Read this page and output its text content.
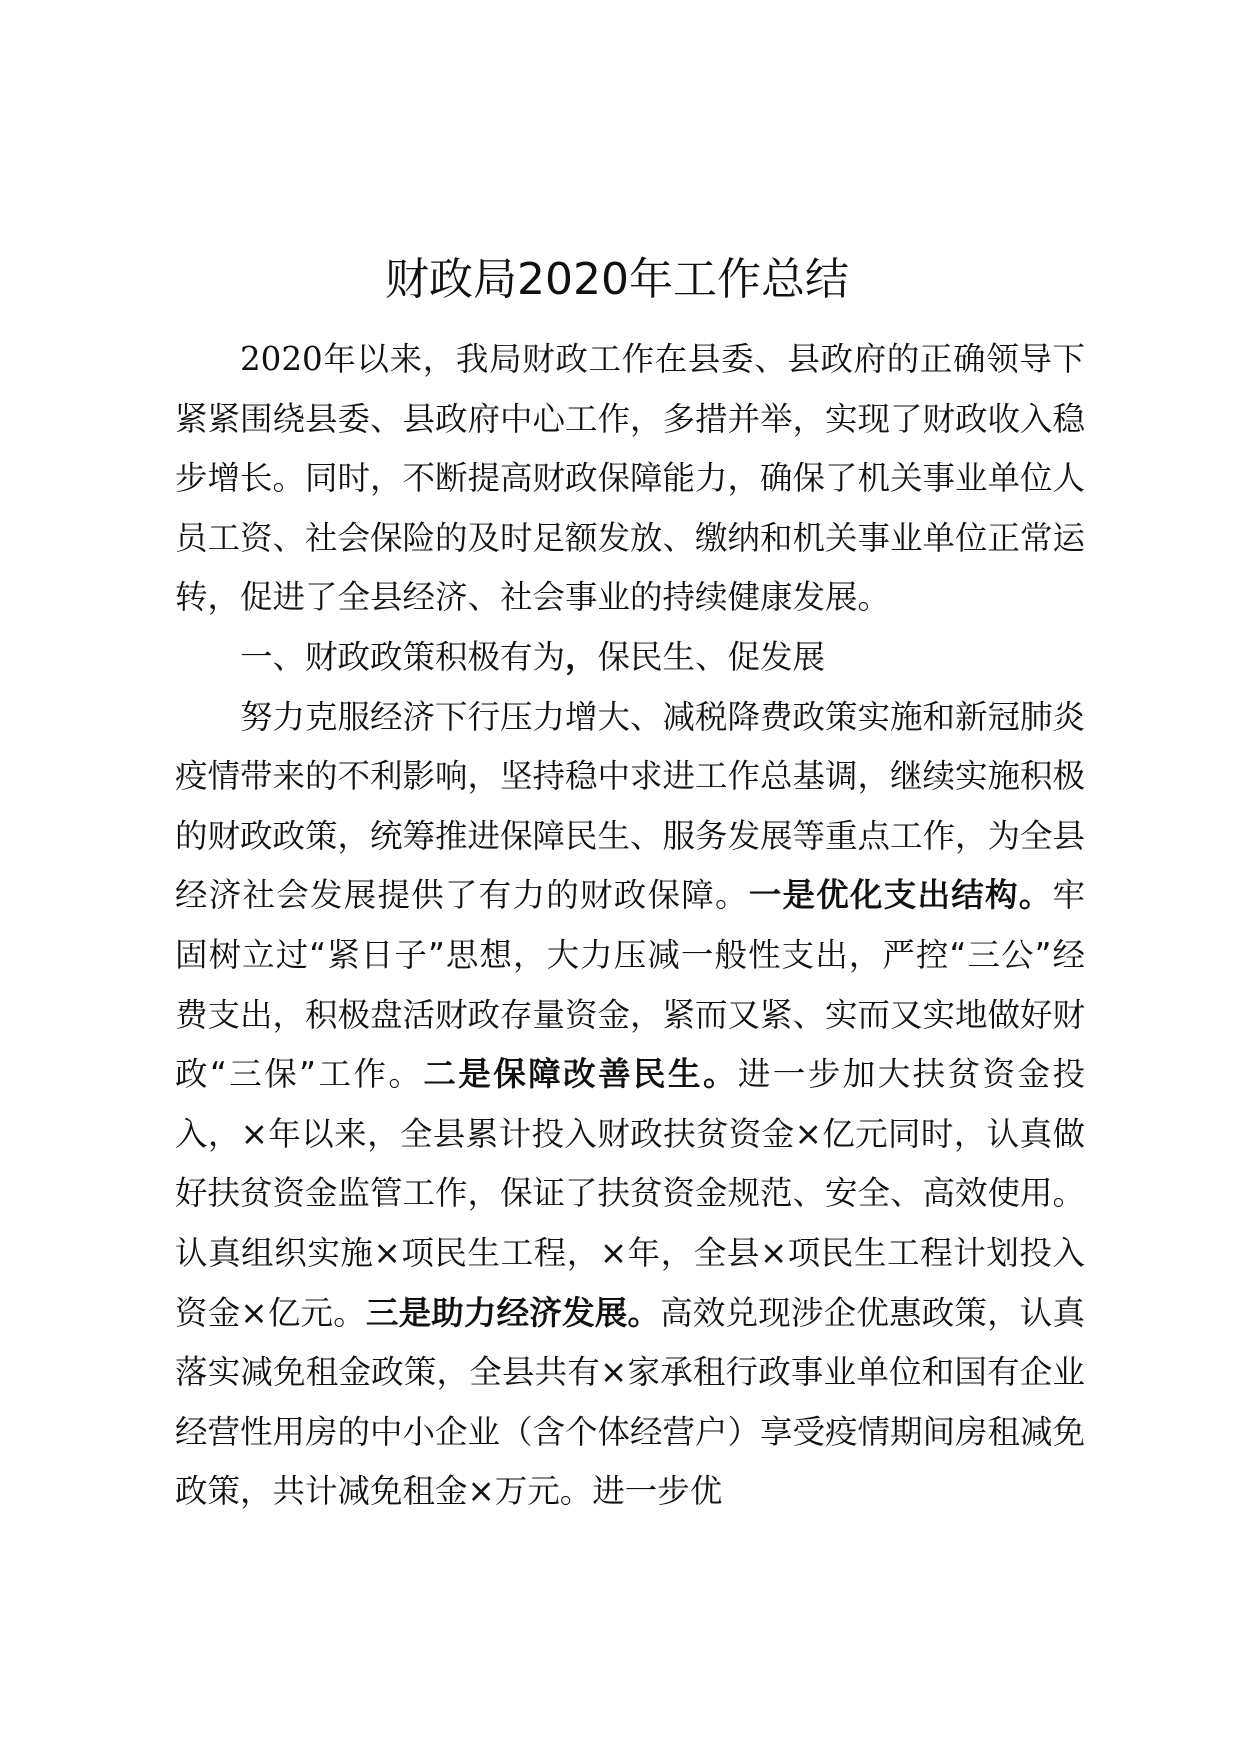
财政局2020年工作总结

2020年以来，我局财政工作在县委、县政府的正确领导下紧紧围绕县委、县政府中心工作，多措并举，实现了财政收入稳步增长。同时，不断提高财政保障能力，确保了机关事业单位人员工资、社会保险的及时足额发放、缴纳和机关事业单位正常运转，促进了全县经济、社会事业的持续健康发展。

一、财政政策积极有为，保民生、促发展

努力克服经济下行压力增大、减税降费政策实施和新冠肺炎疫情带来的不利影响，坚持稳中求进工作总基调，继续实施积极的财政政策，统筹推进保障民生、服务发展等重点工作，为全县经济社会发展提供了有力的财政保障。一是优化支出结构。牢固树立过“紧日子”思想，大力压减一般性支出，严控“三公”经费支出，积极盘活财政存量资金，紧而又紧、实而又实地做好财政“三保”工作。二是保障改善民生。进一步加大扶贫资金投入，×年以来，全县累计投入财政扶贫资金×亿元同时，认真做好扶贫资金监管工作，保证了扶贫资金规范、安全、高效使用。认真组织实施×项民生工程，×年，全县×项民生工程计划投入资金×亿元。三是助力经济发展。高效兑现涉企优惠政策，认真落实减免租金政策，全县共有×家承租行政事业单位和国有企业经营性用房的中小企业（含个体经营户）享受疫情期间房租减免政策，共计减免租金×万元。进一步优
